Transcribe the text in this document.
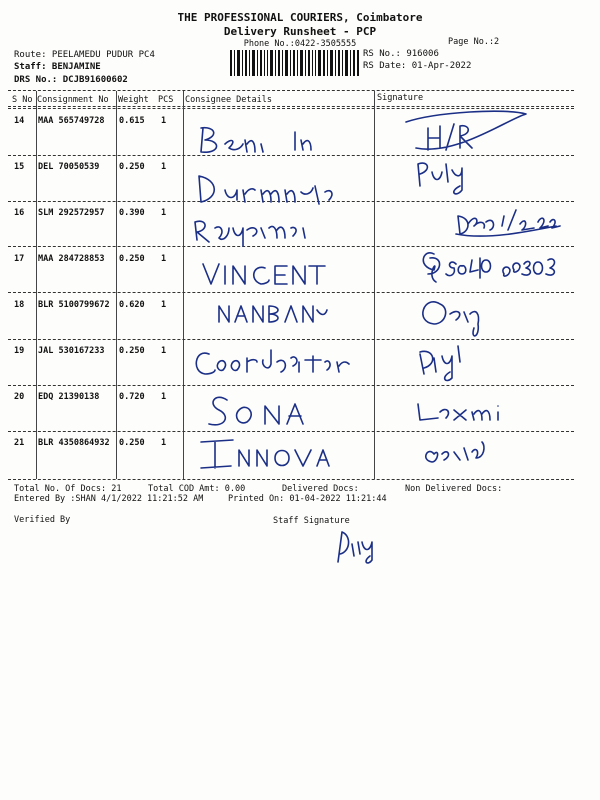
THE PROFESSIONAL COURIERS, Coimbatore
Delivery Runsheet - PCP
Phone No.:0422-3505555	Page No.:2
Route: PEELAMEDU PUDUR PC4
Staff: BENJAMINE
DRS No.: DCJB91600602
RS No.: 916006
RS Date: 01-Apr-2022
S No Consignment No Weight PCS Consignee Details	Signature
14 MAA 565749728 0.615 1
15 DEL 70050539 0.250 1
16 SLM 292572957 0.390 1
17 MAA 284728853 0.250 1
18 BLR 5100799672 0.620 1
19 JAL 530167233 0.250 1
20 EDQ 21390138 0.720 1
21 BLR 4350864932 0.250 1
Total No. Of Docs: 21	Total COD Amt: 0.00	Delivered Docs:	Non Delivered Docs:
Entered By :SHAN 4/1/2022 11:21:52 AM	Printed On: 01-04-2022 11:21:44
Verified By	Staff Signature
